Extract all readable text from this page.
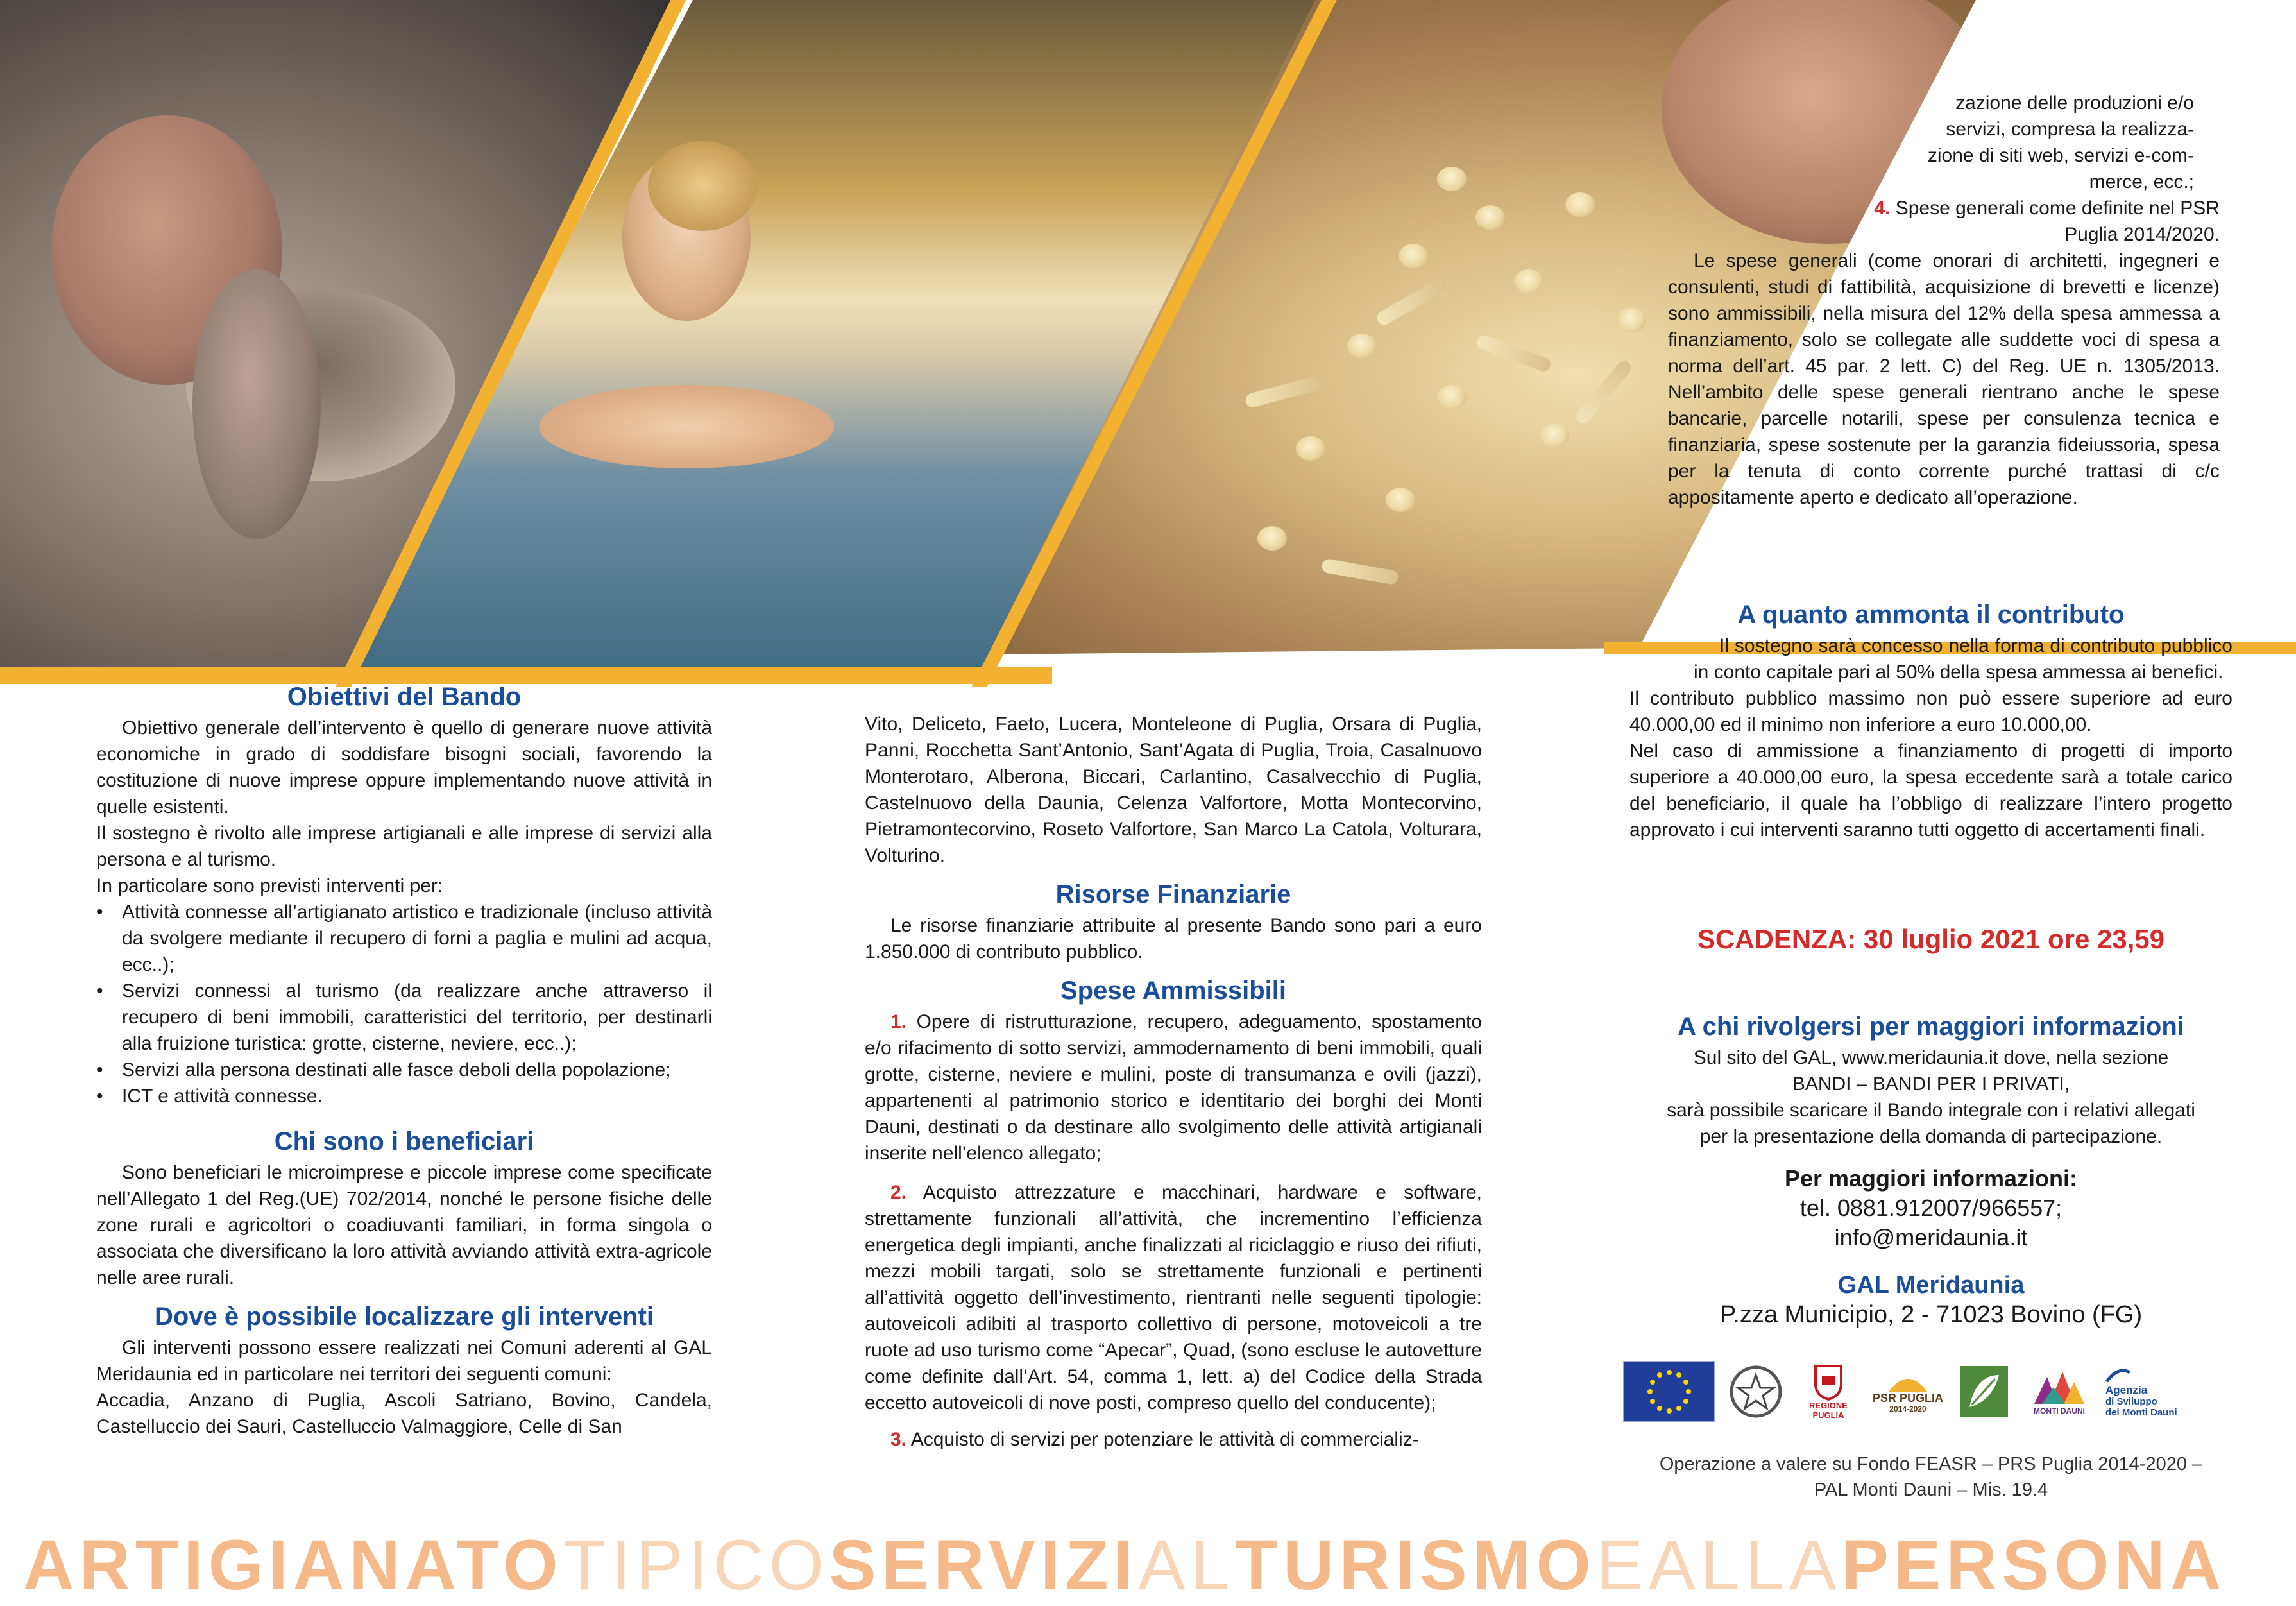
zazione delle produzioni e/o

servizi, compresa la realizza-

zione di siti web, servizi e-com-

merce, ecc.;

4. Spese generali come definite nel PSR Puglia 2014/2020.

Le spese generali (come onorari di architetti, ingegneri e consulenti, studi di fattibilità, acquisizione di brevetti e licenze) sono ammissibili, nella misura del 12% della spesa ammessa a finanziamento, solo se collegate alle suddette voci di spesa a norma dell’art. 45 par. 2 lett. C) del Reg. UE n. 1305/2013. Nell’ambito delle spese generali rientrano anche le spese bancarie, parcelle notarili, spese per consulenza tecnica e finanziaria, spese sostenute per la garanzia fideiussoria, spesa per la tenuta di conto corrente purché trattasi di c/c appositamente aperto e dedicato all’operazione.

Obiettivi del Bando

Obiettivo generale dell’intervento è quello di generare nuove attività economiche in grado di soddisfare bisogni sociali, favorendo la costituzione di nuove imprese oppure implementando nuove attività in quelle esistenti.

Il sostegno è rivolto alle imprese artigianali e alle imprese di servizi alla persona e al turismo.

In particolare sono previsti interventi per:

• Attività connesse all’artigianato artistico e tradizionale (incluso attività da svolgere mediante il recupero di forni a paglia e mulini ad acqua, ecc..);

• Servizi connessi al turismo (da realizzare anche attraverso il recupero di beni immobili, caratteristici del territorio, per destinarli alla fruizione turistica: grotte, cisterne, neviere, ecc..);

• Servizi alla persona destinati alle fasce deboli della popolazione;

• ICT e attività connesse.

Chi sono i beneficiari

Sono beneficiari le microimprese e piccole imprese come specificate nell’Allegato 1 del Reg.(UE) 702/2014, nonché le persone fisiche delle zone rurali e agricoltori o coadiuvanti familiari, in forma singola o associata che diversificano la loro attività avviando attività extra-agricole nelle aree rurali.

Dove è possibile localizzare gli interventi

Gli interventi possono essere realizzati nei Comuni aderenti al GAL Meridaunia ed in particolare nei territori dei seguenti comuni:

Accadia, Anzano di Puglia, Ascoli Satriano, Bovino, Candela, Castelluccio dei Sauri, Castelluccio Valmaggiore, Celle di San

Vito, Deliceto, Faeto, Lucera, Monteleone di Puglia, Orsara di Puglia, Panni, Rocchetta Sant’Antonio, Sant’Agata di Puglia, Troia, Casalnuovo Monterotaro, Alberona, Biccari, Carlantino, Casalvecchio di Puglia, Castelnuovo della Daunia, Celenza Valfortore, Motta Montecorvino, Pietramontecorvino, Roseto Valfortore, San Marco La Catola, Volturara, Volturino.

Risorse Finanziarie

Le risorse finanziarie attribuite al presente Bando sono pari a euro 1.850.000 di contributo pubblico.

Spese Ammissibili

1. Opere di ristrutturazione, recupero, adeguamento, spostamento e/o rifacimento di sotto servizi, ammodernamento di beni immobili, quali grotte, cisterne, neviere e mulini, poste di transumanza e ovili (jazzi), appartenenti al patrimonio storico e identitario dei borghi dei Monti Dauni, destinati o da destinare allo svolgimento delle attività artigianali inserite nell’elenco allegato;

2. Acquisto attrezzature e macchinari, hardware e software, strettamente funzionali all’attività, che incrementino l’efficienza energetica degli impianti, anche finalizzati al riciclaggio e riuso dei rifiuti, mezzi mobili targati, solo se strettamente funzionali e pertinenti all’attività oggetto dell’investimento, rientranti nelle seguenti tipologie: autoveicoli adibiti al trasporto collettivo di persone, motoveicoli a tre ruote ad uso turismo come “Apecar”, Quad, (sono escluse le autovetture come definite dall’Art. 54, comma 1, lett. a) del Codice della Strada eccetto autoveicoli di nove posti, compreso quello del conducente);

3. Acquisto di servizi per potenziare le attività di commercializ-

A quanto ammonta il contributo

Il sostegno sarà concesso nella forma di contributo pubblico in conto capitale pari al 50% della spesa ammessa ai benefici.

Il contributo pubblico massimo non può essere superiore ad euro 40.000,00 ed il minimo non inferiore a euro 10.000,00.

Nel caso di ammissione a finanziamento di progetti di importo superiore a 40.000,00 euro, la spesa eccedente sarà a totale carico del beneficiario, il quale ha l’obbligo di realizzare l’intero progetto approvato i cui interventi saranno tutti oggetto di accertamenti finali.

SCADENZA: 30 luglio 2021 ore 23,59
A chi rivolgersi per maggiori informazioni

Sul sito del GAL, www.meridaunia.it dove, nella sezione

BANDI – BANDI PER I PRIVATI,

sarà possibile scaricare il Bando integrale con i relativi allegati

per la presentazione della domanda di partecipazione.

Per maggiori informazioni:

tel. 0881.912007/966557;

info@meridaunia.it

GAL Meridaunia

P.zza Municipio, 2 - 71023 Bovino (FG)

REGIONE PUGLIA
PSR PUGLIA
2014-2020	MONTI DAUNI
Agenzia
di Sviluppo
dei Monti Dauni

Operazione a valere su Fondo FEASR – PRS Puglia 2014-2020 –

PAL Monti Dauni – Mis. 19.4

ARTIGIANATOTIPICOSERVIZIALTURISMOEALLAPERSONA
